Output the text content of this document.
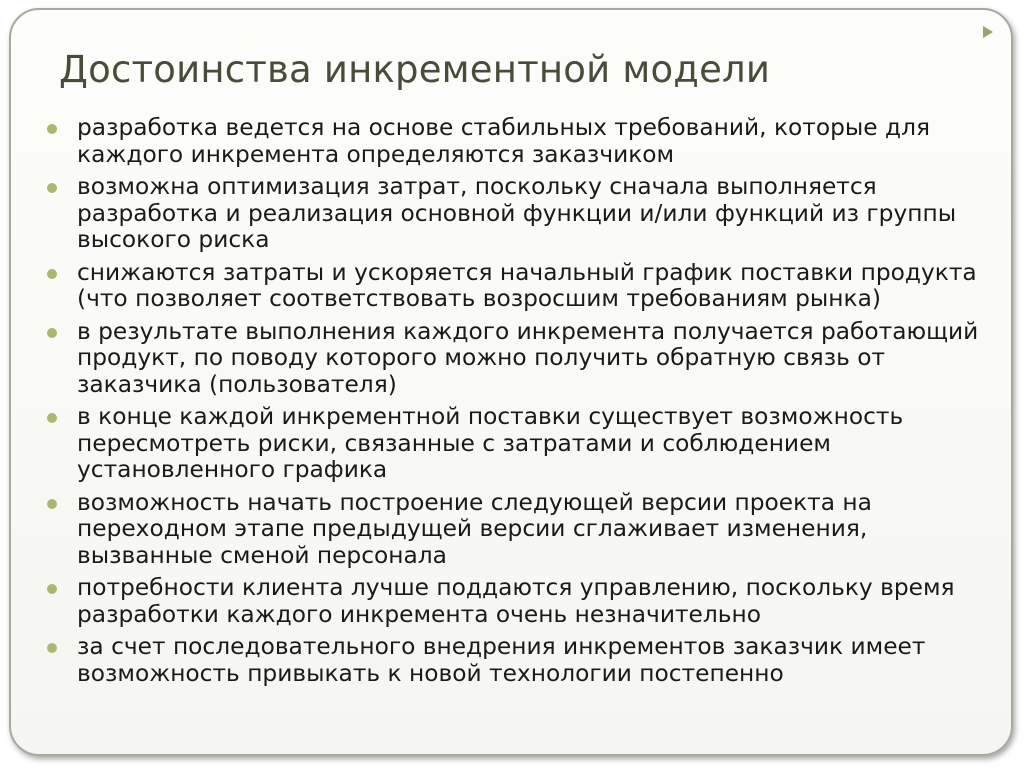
Достоинства инкрементной модели
разработка ведется на основе стабильных требований, которые для каждого инкремента определяются заказчиком
возможна оптимизация затрат, поскольку сначала выполняется разработка и реализация основной функции и/или функций из группы высокого риска
снижаются затраты и ускоряется начальный график поставки продукта (что позволяет соответствовать возросшим требованиям рынка)
в результате выполнения каждого инкремента получается работающий продукт, по поводу которого можно получить обратную связь от заказчика (пользователя)
в конце каждой инкрементной поставки существует возможность пересмотреть риски, связанные с затратами и соблюдением установленного графика
возможность начать построение следующей версии проекта на переходном этапе предыдущей версии сглаживает изменения, вызванные сменой персонала
потребности клиента лучше поддаются управлению, поскольку время разработки каждого инкремента очень незначительно
за счет последовательного внедрения инкрементов заказчик имеет возможность привыкать к новой технологии постепенно
